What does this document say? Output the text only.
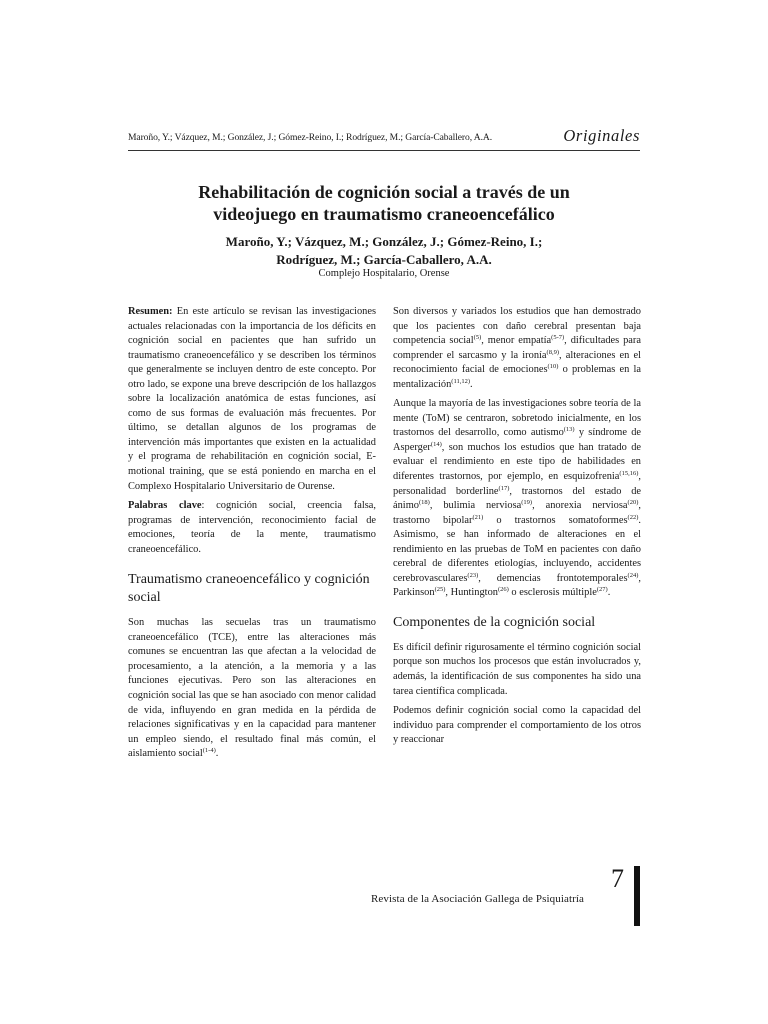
Maroño, Y.; Vázquez, M.; González, J.; Gómez-Reino, I.; Rodríguez, M.; García-Caballero, A.A.	Originales
Rehabilitación de cognición social a través de un
videojuego en traumatismo craneoencefálico
Maroño, Y.; Vázquez, M.; González, J.; Gómez-Reino, I.;
Rodríguez, M.; García-Caballero, A.A.
Complejo Hospitalario, Orense

Resumen: En este artículo se revisan las investigaciones actuales relacionadas con la importancia de los déficits en cognición social en pacientes que han sufrido un traumatismo craneoencefálico y se describen los términos que generalmente se incluyen dentro de este concepto. Por otro lado, se expone una breve descripción de los hallazgos sobre la localización anatómica de estas funciones, así como de sus formas de evaluación más frecuentes. Por último, se detallan algunos de los programas de intervención más importantes que existen en la actualidad y el programa de rehabilitación en cognición social, E-motional training, que se está poniendo en marcha en el Complexo Hospitalario Universitario de Ourense.

Palabras clave: cognición social, creencia falsa, programas de intervención, reconocimiento facial de emociones, teoría de la mente, traumatismo craneoencefálico.

Traumatismo craneoencefálico y cognición social

Son muchas las secuelas tras un traumatismo craneoencefálico (TCE), entre las alteraciones más comunes se encuentran las que afectan a la velocidad de procesamiento, a la atención, a la memoria y a las funciones ejecutivas. Pero son las alteraciones en cognición social las que se han asociado con menor calidad de vida, influyendo en gran medida en la pérdida de relaciones significativas y en la capacidad para mantener un empleo siendo, el resultado final más común, el aislamiento social$^{(1-4)}$.

Son diversos y variados los estudios que han demostrado que los pacientes con daño cerebral presentan baja competencia social$^{(5)}$, menor empatía$^{(5-7)}$, dificultades para comprender el sarcasmo y la ironía$^{(8,9)}$, alteraciones en el reconocimiento facial de emociones$^{(10)}$ o problemas en la mentalización$^{(11,12)}$.

Aunque la mayoría de las investigaciones sobre teoría de la mente (ToM) se centraron, sobretodo inicialmente, en los trastornos del desarrollo, como autismo$^{(13)}$ y síndrome de Asperger$^{(14)}$, son muchos los estudios que han tratado de evaluar el rendimiento en este tipo de habilidades en diferentes trastornos, por ejemplo, en esquizofrenia$^{(15,16)}$, personalidad borderline$^{(17)}$, trastornos del estado de ánimo$^{(18)}$, bulimia nerviosa$^{(19)}$, anorexia nerviosa$^{(20)}$, trastorno bipolar$^{(21)}$ o trastornos somatoformes$^{(22)}$. Asimismo, se han informado de alteraciones en el rendimiento en las pruebas de ToM en pacientes con daño cerebral de diferentes etiologías, incluyendo, accidentes cerebrovasculares$^{(23)}$, demencias frontotemporales$^{(24)}$, Parkinson$^{(25)}$, Huntington$^{(26)}$ o esclerosis múltiple$^{(27)}$.

Componentes de la cognición social

Es difícil definir rigurosamente el término cognición social porque son muchos los procesos que están involucrados y, además, la identificación de sus componentes ha sido una tarea científica complicada.

Podemos definir cognición social como la capacidad del individuo para comprender el comportamiento de los otros y reaccionar

7
Revista de la Asociación Gallega de Psiquiatría
